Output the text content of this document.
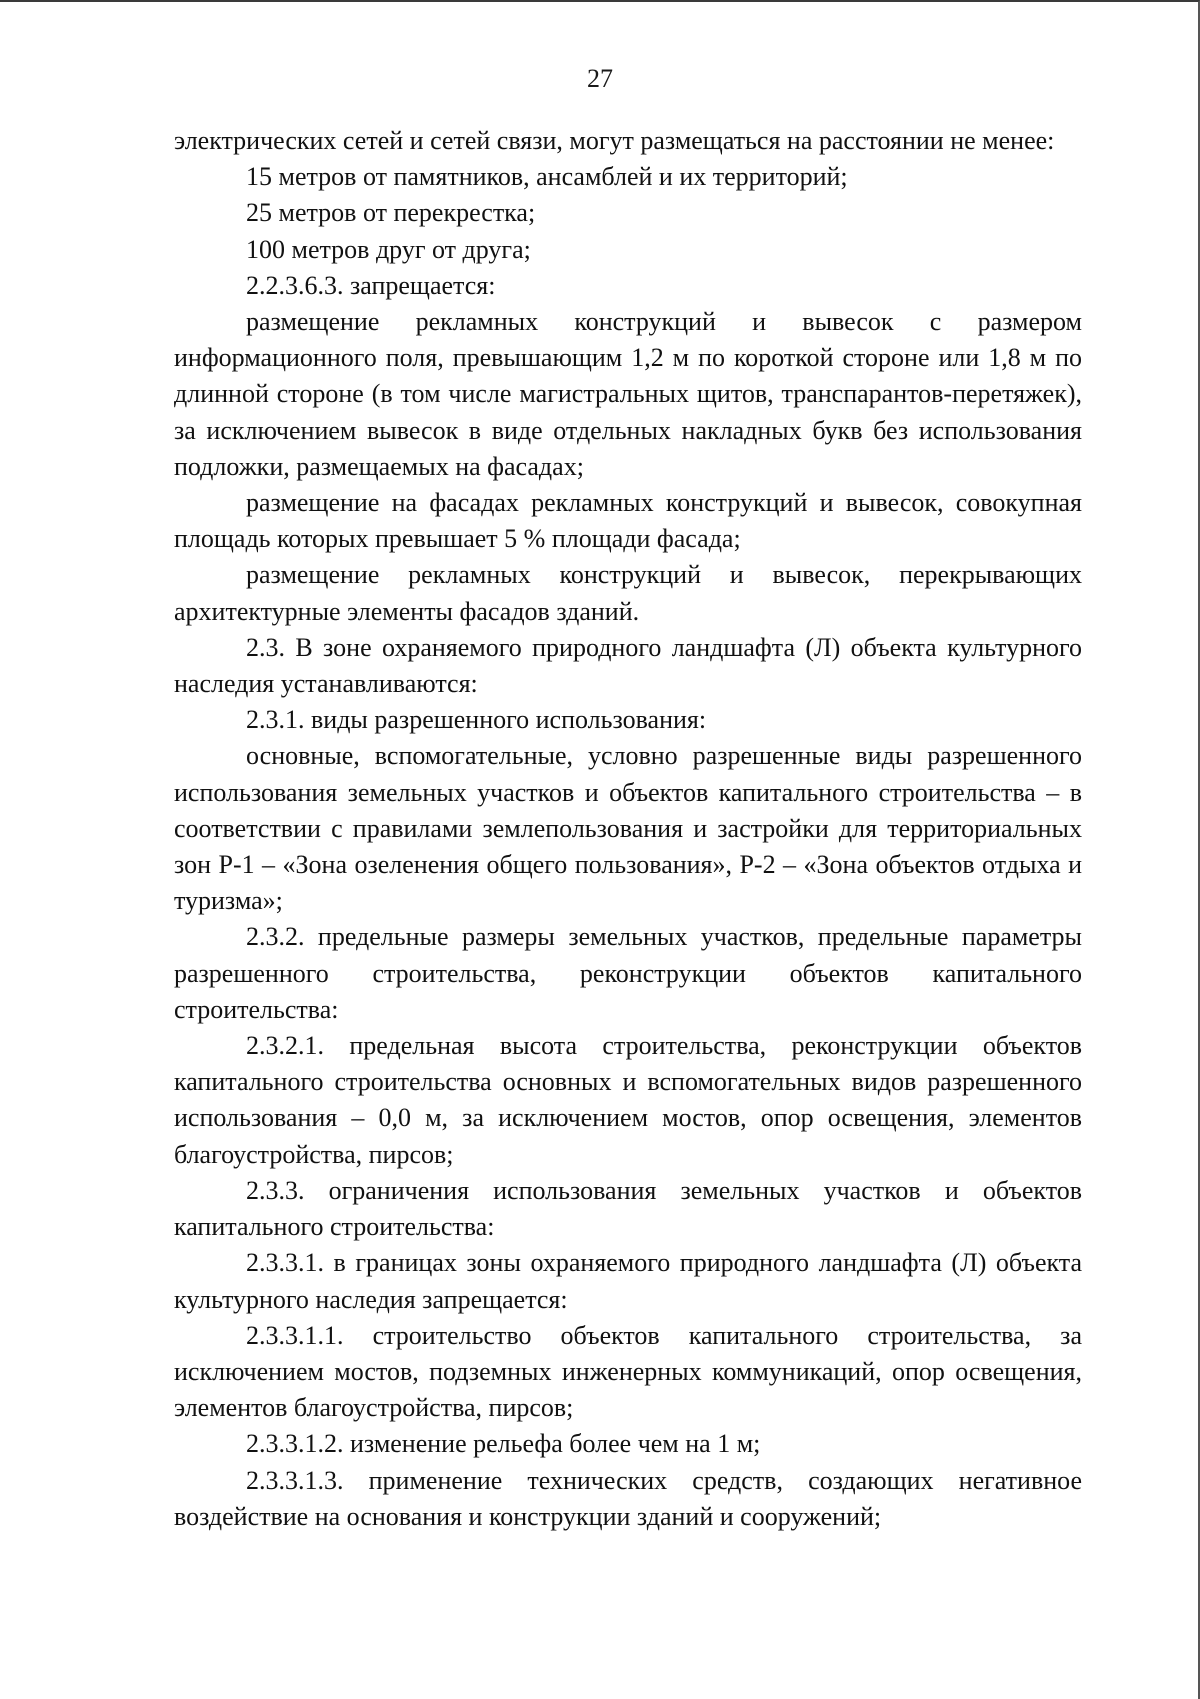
27

электрических сетей и сетей связи, могут размещаться на расстоянии не менее:

15 метров от памятников, ансамблей и их территорий;

25 метров от перекрестка;

100 метров друг от друга;

2.2.3.6.3. запрещается:

размещение рекламных конструкций и вывесок с размером информационного поля, превышающим 1,2 м по короткой стороне или 1,8 м по длинной стороне (в том числе магистральных щитов, транспарантов-перетяжек), за исключением вывесок в виде отдельных накладных букв без использования подложки, размещаемых на фасадах;

размещение на фасадах рекламных конструкций и вывесок, совокупная площадь которых превышает 5 % площади фасада;

размещение рекламных конструкций и вывесок, перекрывающих архитектурные элементы фасадов зданий.

2.3. В зоне охраняемого природного ландшафта (Л) объекта культурного наследия устанавливаются:

2.3.1. виды разрешенного использования:

основные, вспомогательные, условно разрешенные виды разрешенного использования земельных участков и объектов капитального строительства – в соответствии с правилами землепользования и застройки для территориальных зон Р-1 – «Зона озеленения общего пользования», Р-2 – «Зона объектов отдыха и туризма»;

2.3.2. предельные размеры земельных участков, предельные параметры разрешенного строительства, реконструкции объектов капитального строительства:

2.3.2.1. предельная высота строительства, реконструкции объектов капитального строительства основных и вспомогательных видов разрешенного использования – 0,0 м, за исключением мостов, опор освещения, элементов благоустройства, пирсов;

2.3.3. ограничения использования земельных участков и объектов капитального строительства:

2.3.3.1. в границах зоны охраняемого природного ландшафта (Л) объекта культурного наследия запрещается:

2.3.3.1.1. строительство объектов капитального строительства, за исключением мостов, подземных инженерных коммуникаций, опор освещения, элементов благоустройства, пирсов;

2.3.3.1.2. изменение рельефа более чем на 1 м;

2.3.3.1.3. применение технических средств, создающих негативное воздействие на основания и конструкции зданий и сооружений;
